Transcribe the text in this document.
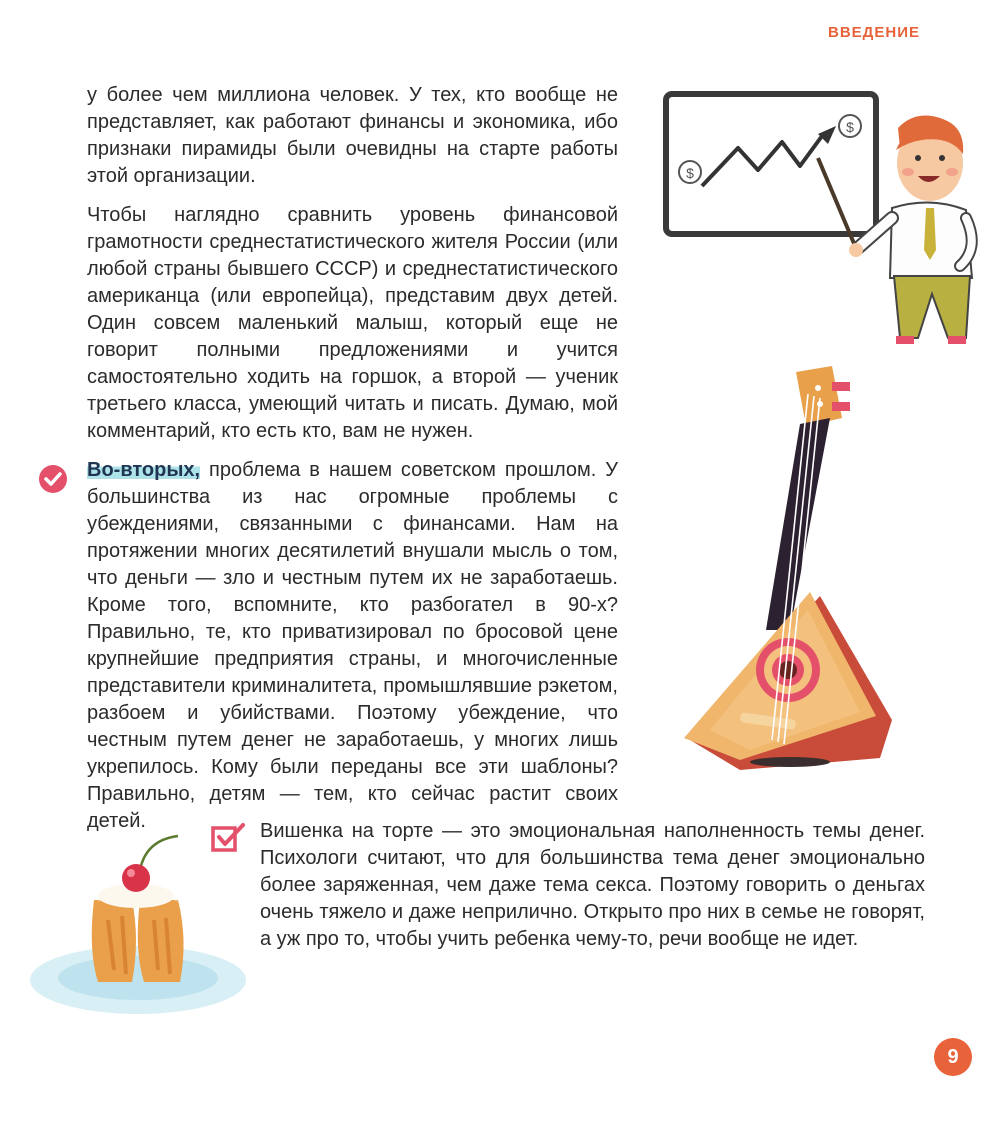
ВВЕДЕНИЕ

у более чем миллиона человек. У тех, кто вообще не представляет, как работают финансы и экономика, ибо признаки пирамиды были очевидны на старте работы этой организации.

Чтобы наглядно сравнить уровень финансовой грамотности среднестатистического жителя России (или любой страны бывшего СССР) и среднестатистического американца (или европейца), представим двух детей. Один совсем маленький малыш, который еще не говорит полными предложениями и учится самостоятельно ходить на горшок, а второй — ученик третьего класса, умеющий читать и писать. Думаю, мой комментарий, кто есть кто, вам не нужен.

Во-вторых, проблема в нашем советском прошлом. У большинства из нас огромные проблемы с убеждениями, связанными с финансами. Нам на протяжении многих десятилетий внушали мысль о том, что деньги — зло и честным путем их не заработаешь. Кроме того, вспомните, кто разбогател в 90-х? Правильно, те, кто приватизировал по бросовой цене крупнейшие предприятия страны, и многочисленные представители криминалитета, промышлявшие рэкетом, разбоем и убийствами. Поэтому убеждение, что честным путем денег не заработаешь, у многих лишь укрепилось. Кому были переданы все эти шаблоны? Правильно, детям — тем, кто сейчас растит своих детей.	Вишенка на торте — это эмоциональная наполненность темы денег. Психологи считают, что для большинства тема денег эмоционально более заряженная, чем даже тема секса. Поэтому говорить о деньгах очень тяжело и даже неприлично. Открыто про них в семье не говорят, а уж про то, чтобы учить ребенка чему-то, речи вообще не идет.

$
$
9
